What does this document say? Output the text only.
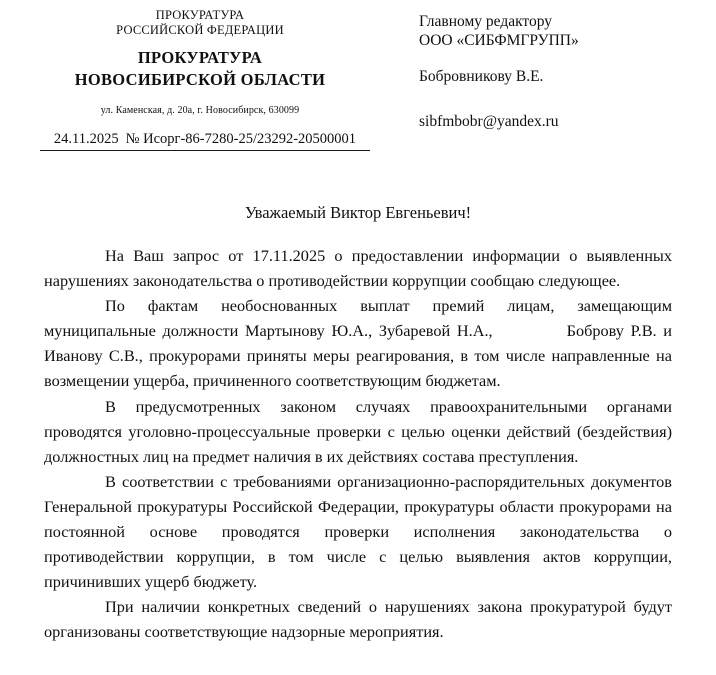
ПРОКУРАТУРА
РОССИЙСКОЙ ФЕДЕРАЦИИ
ПРОКУРАТУРА
НОВОСИБИРСКОЙ ОБЛАСТИ
ул. Каменская, д. 20а, г. Новосибирск, 630099
24.11.2025 № Исорг-86-7280-25/23292-20500001
Главному редактору
ООО «СИБФМГРУПП»
Бобровникову В.Е.
sibfmbobr@yandex.ru
Уважаемый Виктор Евгеньевич!

На Ваш запрос от 17.11.2025 о предоставлении информации о выявленных нарушениях законодательства о противодействии коррупции сообщаю следующее.

По фактам необоснованных выплат премий лицам, замещающим муниципальные должности Мартынову Ю.А., Зубаревой Н.А.,	Боброву Р.В. и Иванову С.В., прокурорами приняты меры реагирования, в том числе направленные на возмещении ущерба, причиненного соответствующим бюджетам.

В предусмотренных законом случаях правоохранительными органами проводятся уголовно-процессуальные проверки с целью оценки действий (бездействия) должностных лиц на предмет наличия в их действиях состава преступления.

В соответствии с требованиями организационно-распорядительных документов Генеральной прокуратуры Российской Федерации, прокуратуры области прокурорами на постоянной основе проводятся проверки исполнения законодательства о противодействии коррупции, в том числе с целью выявления актов коррупции, причинивших ущерб бюджету.

При наличии конкретных сведений о нарушениях закона прокуратурой будут организованы соответствующие надзорные мероприятия.
